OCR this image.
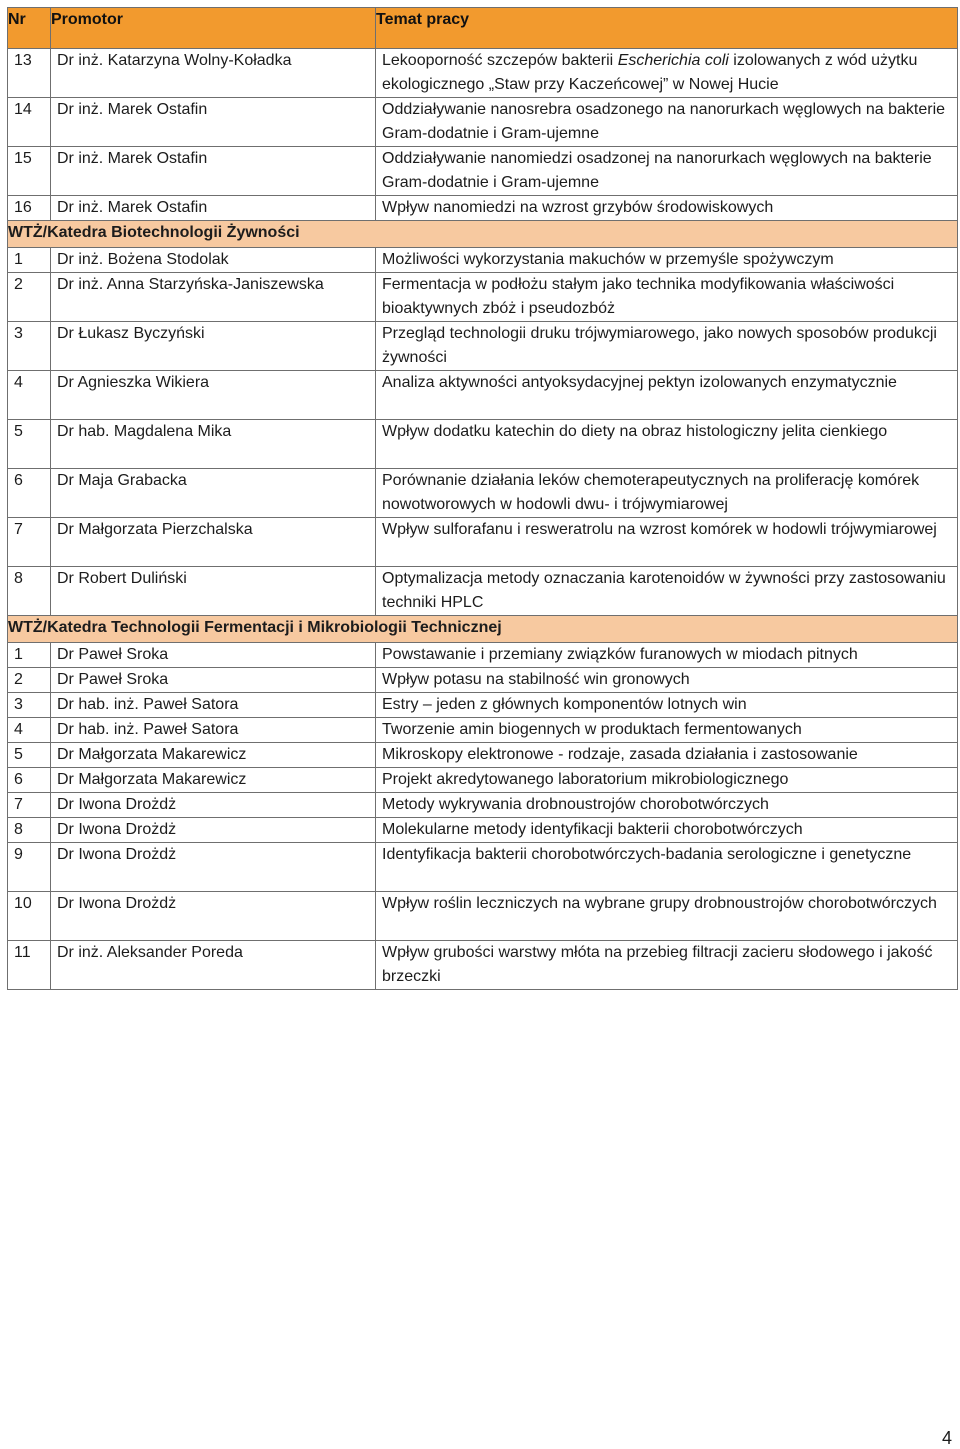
Nr	Promotor	Temat pracy
13	Dr inż. Katarzyna Wolny-Koładka	Lekooporność szczepów bakterii Escherichia coli izolowanych z wód użytku ekologicznego „Staw przy Kaczeńcowej” w Nowej Hucie
14	Dr inż. Marek Ostafin	Oddziaływanie nanosrebra osadzonego na nanorurkach węglowych na bakterie Gram-dodatnie i Gram-ujemne
15	Dr inż. Marek Ostafin	Oddziaływanie nanomiedzi osadzonej na nanorurkach węglowych na bakterie Gram-dodatnie i Gram-ujemne
16	Dr inż. Marek Ostafin	Wpływ nanomiedzi na wzrost grzybów środowiskowych
WTŻ/Katedra Biotechnologii Żywności		
1	Dr inż. Bożena Stodolak	Możliwości wykorzystania makuchów w przemyśle spożywczym
2	Dr inż. Anna Starzyńska-Janiszewska	Fermentacja w podłożu stałym jako technika modyfikowania właściwości bioaktywnych zbóż i pseudozbóż
3	Dr Łukasz Byczyński	Przegląd technologii druku trójwymiarowego, jako nowych sposobów produkcji żywności
4	Dr Agnieszka Wikiera	Analiza aktywności antyoksydacyjnej pektyn izolowanych enzymatycznie
5	Dr hab. Magdalena Mika	Wpływ dodatku katechin do diety na obraz histologiczny jelita cienkiego
6	Dr Maja Grabacka	Porównanie działania leków chemoterapeutycznych na proliferację komórek nowotworowych w hodowli dwu- i trójwymiarowej
7	Dr Małgorzata Pierzchalska	Wpływ sulforafanu i resweratrolu na wzrost komórek w hodowli trójwymiarowej
8	Dr Robert Duliński	Optymalizacja metody oznaczania karotenoidów w żywności przy zastosowaniu techniki HPLC
WTŻ/Katedra Technologii Fermentacji i Mikrobiologii Technicznej		
1	Dr Paweł Sroka	Powstawanie i przemiany związków furanowych w miodach pitnych
2	Dr Paweł Sroka	Wpływ potasu na stabilność win gronowych
3	Dr hab. inż. Paweł Satora	Estry – jeden z głównych komponentów lotnych win
4	Dr hab. inż. Paweł Satora	Tworzenie amin biogennych w produktach fermentowanych
5	Dr Małgorzata Makarewicz	Mikroskopy elektronowe - rodzaje, zasada działania i zastosowanie
6	Dr Małgorzata Makarewicz	Projekt akredytowanego laboratorium mikrobiologicznego
7	Dr Iwona Drożdż	Metody wykrywania drobnoustrojów chorobotwórczych
8	Dr Iwona Drożdż	Molekularne metody identyfikacji bakterii chorobotwórczych
9	Dr Iwona Drożdż	Identyfikacja bakterii chorobotwórczych-badania serologiczne i genetyczne
10	Dr Iwona Drożdż	Wpływ roślin leczniczych na wybrane grupy drobnoustrojów chorobotwórczych
11	Dr inż. Aleksander Poreda	Wpływ grubości warstwy młóta na przebieg filtracji zacieru słodowego i jakość brzeczki
4
